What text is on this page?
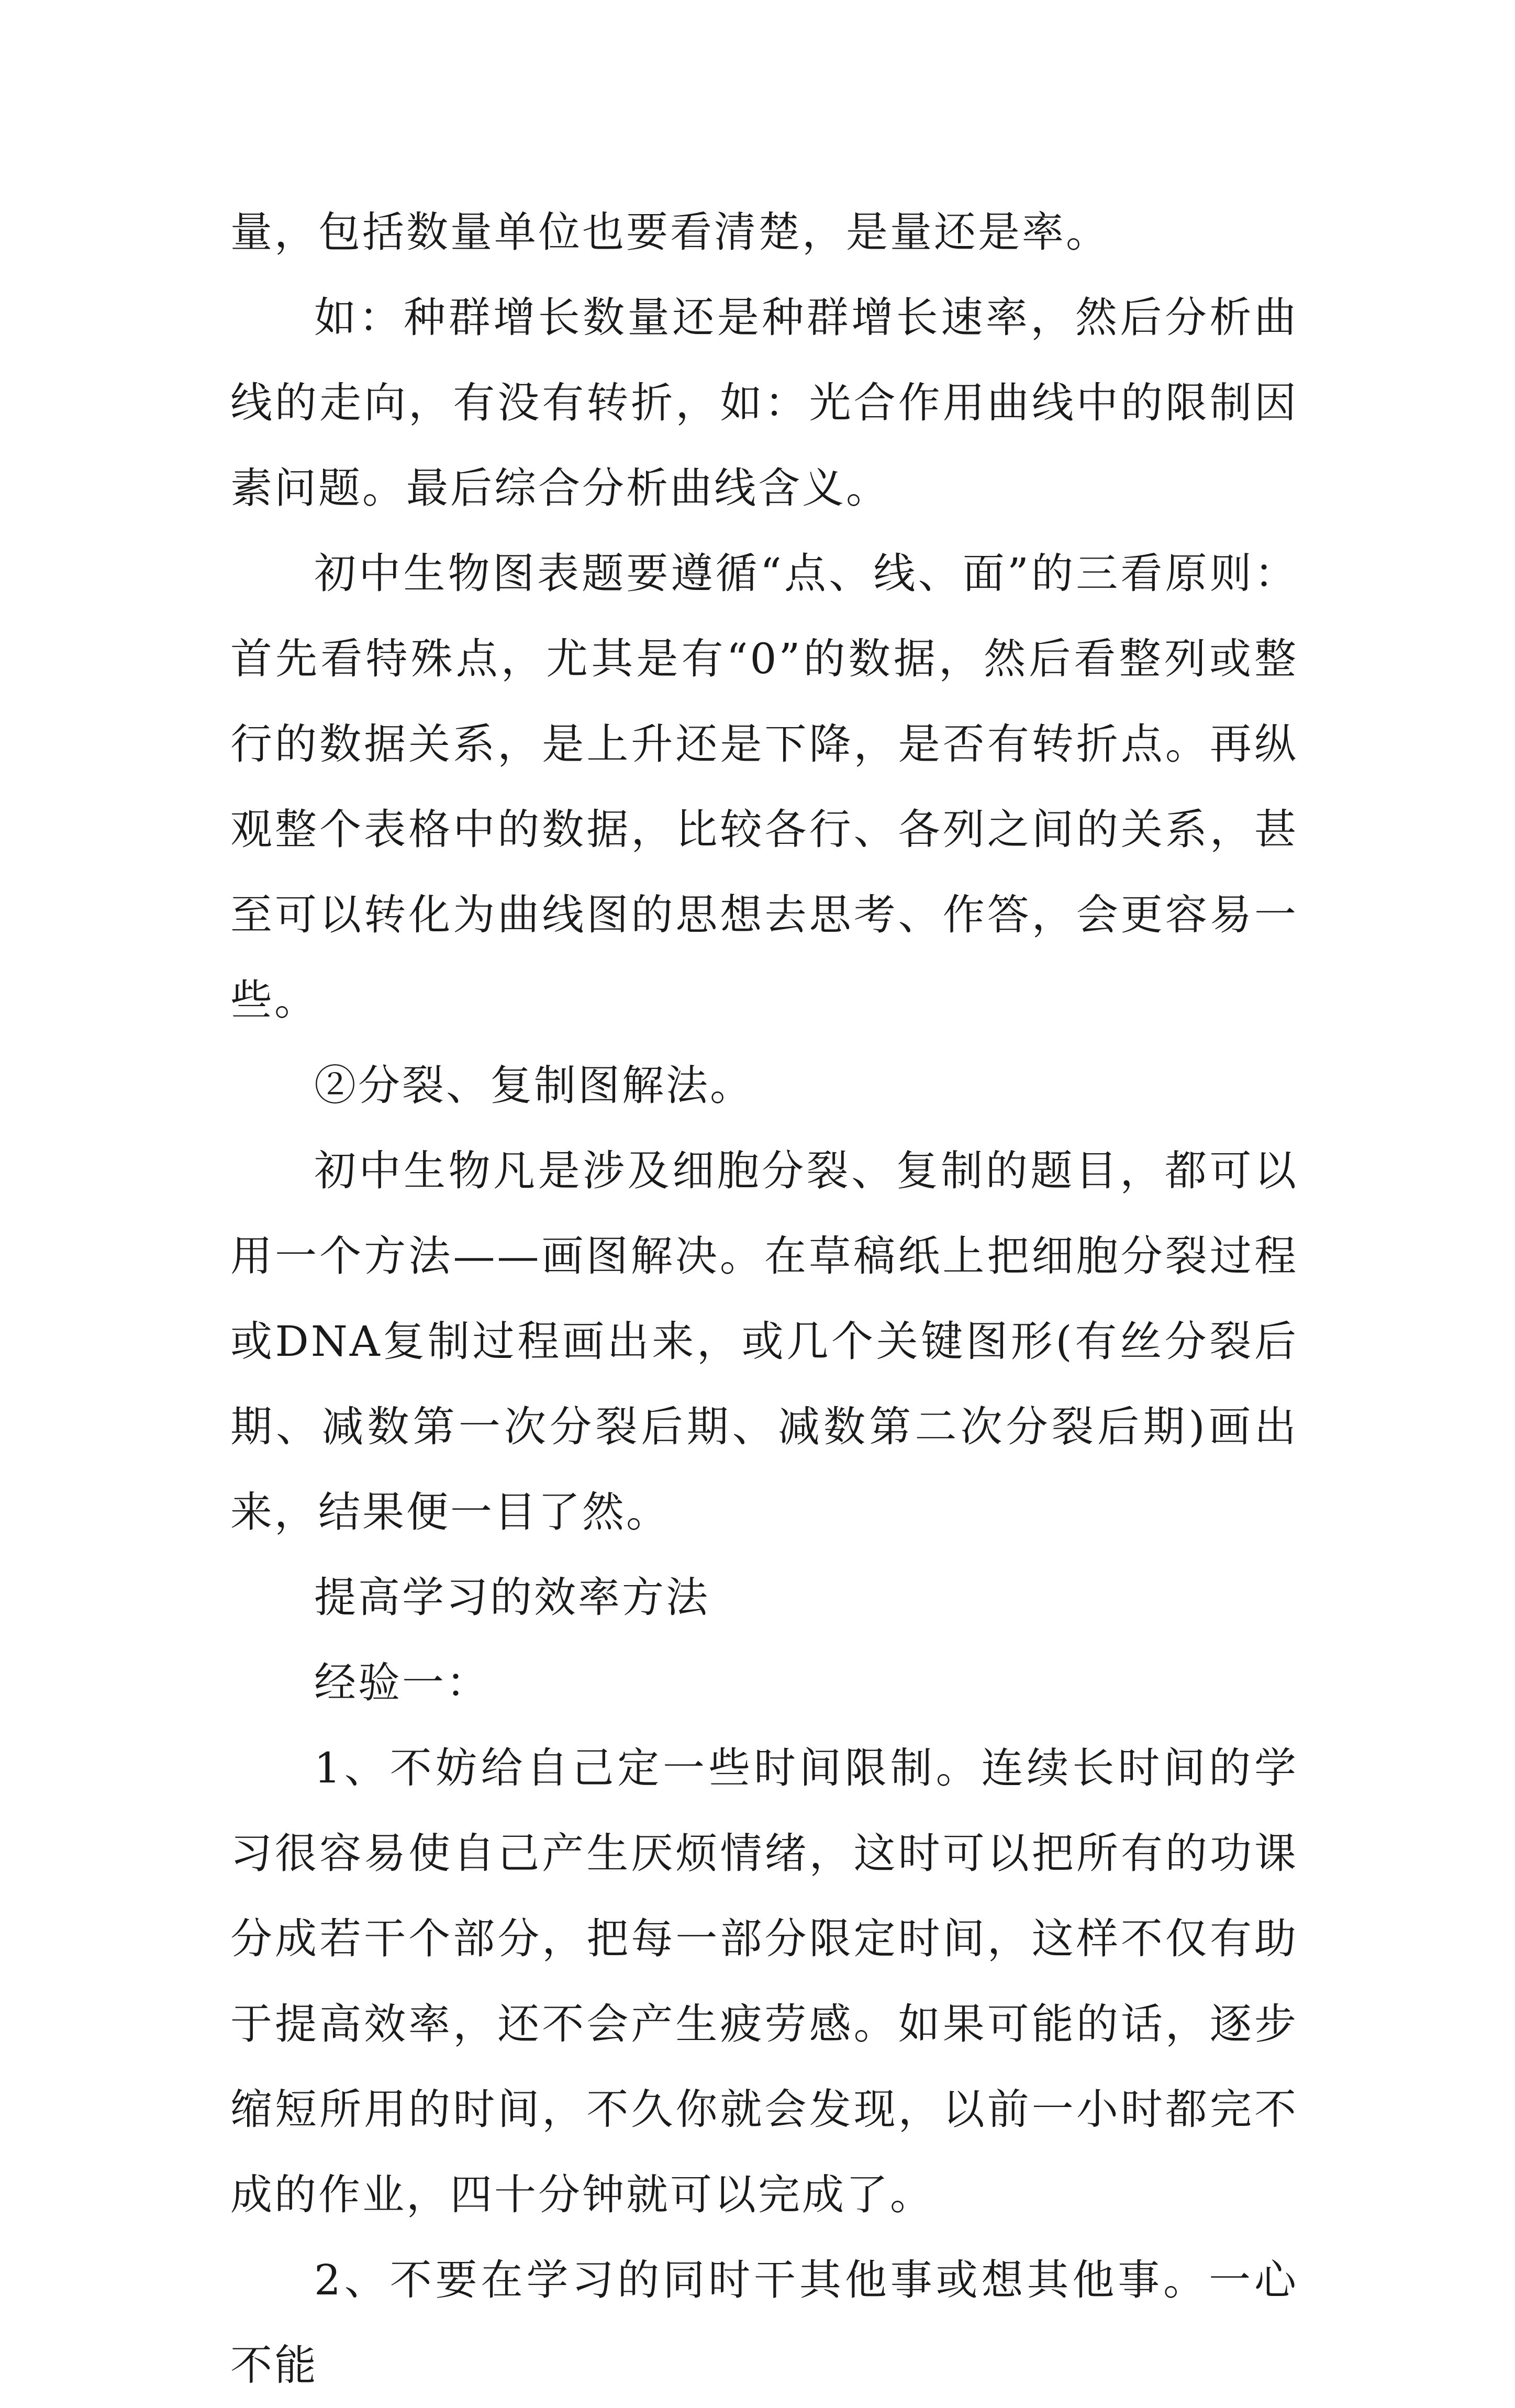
量，包括数量单位也要看清楚，是量还是率。

如：种群增长数量还是种群增长速率，然后分析曲线的走向，有没有转折，如：光合作用曲线中的限制因素问题。最后综合分析曲线含义。

初中生物图表题要遵循“点、线、面”的三看原则：首先看特殊点，尤其是有“0”的数据，然后看整列或整行的数据关系，是上升还是下降，是否有转折点。再纵观整个表格中的数据，比较各行、各列之间的关系，甚至可以转化为曲线图的思想去思考、作答，会更容易一些。

②分裂、复制图解法。

初中生物凡是涉及细胞分裂、复制的题目，都可以用一个方法——画图解决。在草稿纸上把细胞分裂过程或DNA复制过程画出来，或几个关键图形(有丝分裂后期、减数第一次分裂后期、减数第二次分裂后期)画出来，结果便一目了然。

提高学习的效率方法

经验一：

1、不妨给自己定一些时间限制。连续长时间的学习很容易使自己产生厌烦情绪，这时可以把所有的功课分成若干个部分，把每一部分限定时间，这样不仅有助于提高效率，还不会产生疲劳感。如果可能的话，逐步缩短所用的时间，不久你就会发现，以前一小时都完不成的作业，四十分钟就可以完成了。

2、不要在学习的同时干其他事或想其他事。一心不能
